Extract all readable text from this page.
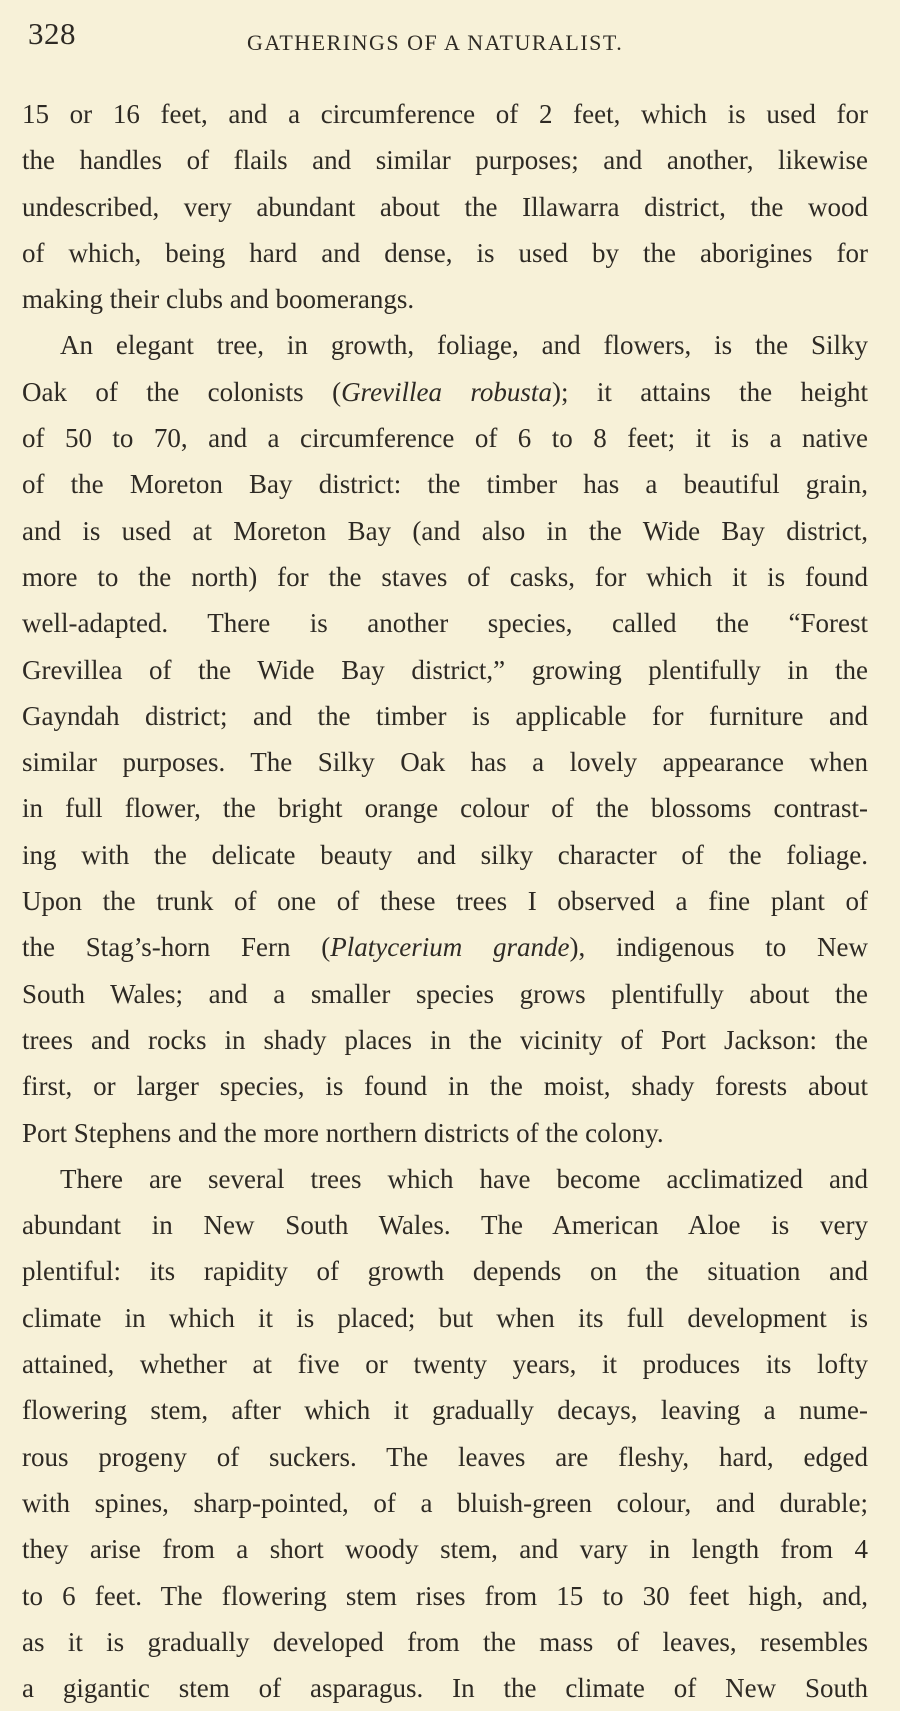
328	GATHERINGS OF A NATURALIST.
15 or 16 feet, and a circumference of 2 feet, which is used for
the handles of flails and similar purposes; and another, likewise
undescribed, very abundant about the Illawarra district, the wood
of which, being hard and dense, is used by the aborigines for
making their clubs and boomerangs.
An elegant tree, in growth, foliage, and flowers, is the Silky
Oak of the colonists (Grevillea robusta); it attains the height
of 50 to 70, and a circumference of 6 to 8 feet; it is a native
of the Moreton Bay district: the timber has a beautiful grain,
and is used at Moreton Bay (and also in the Wide Bay district,
more to the north) for the staves of casks, for which it is found
well-adapted. There is another species, called the “Forest
Grevillea of the Wide Bay district,” growing plentifully in the
Gayndah district; and the timber is applicable for furniture and
similar purposes. The Silky Oak has a lovely appearance when
in full flower, the bright orange colour of the blossoms contrast-
ing with the delicate beauty and silky character of the foliage.
Upon the trunk of one of these trees I observed a fine plant of
the Stag’s-horn Fern (Platycerium grande), indigenous to New
South Wales; and a smaller species grows plentifully about the
trees and rocks in shady places in the vicinity of Port Jackson: the
first, or larger species, is found in the moist, shady forests about
Port Stephens and the more northern districts of the colony.
There are several trees which have become acclimatized and
abundant in New South Wales. The American Aloe is very
plentiful: its rapidity of growth depends on the situation and
climate in which it is placed; but when its full development is
attained, whether at five or twenty years, it produces its lofty
flowering stem, after which it gradually decays, leaving a nume-
rous progeny of suckers. The leaves are fleshy, hard, edged
with spines, sharp-pointed, of a bluish-green colour, and durable;
they arise from a short woody stem, and vary in length from 4
to 6 feet. The flowering stem rises from 15 to 30 feet high, and,
as it is gradually developed from the mass of leaves, resembles
a gigantic stem of asparagus. In the climate of New South
